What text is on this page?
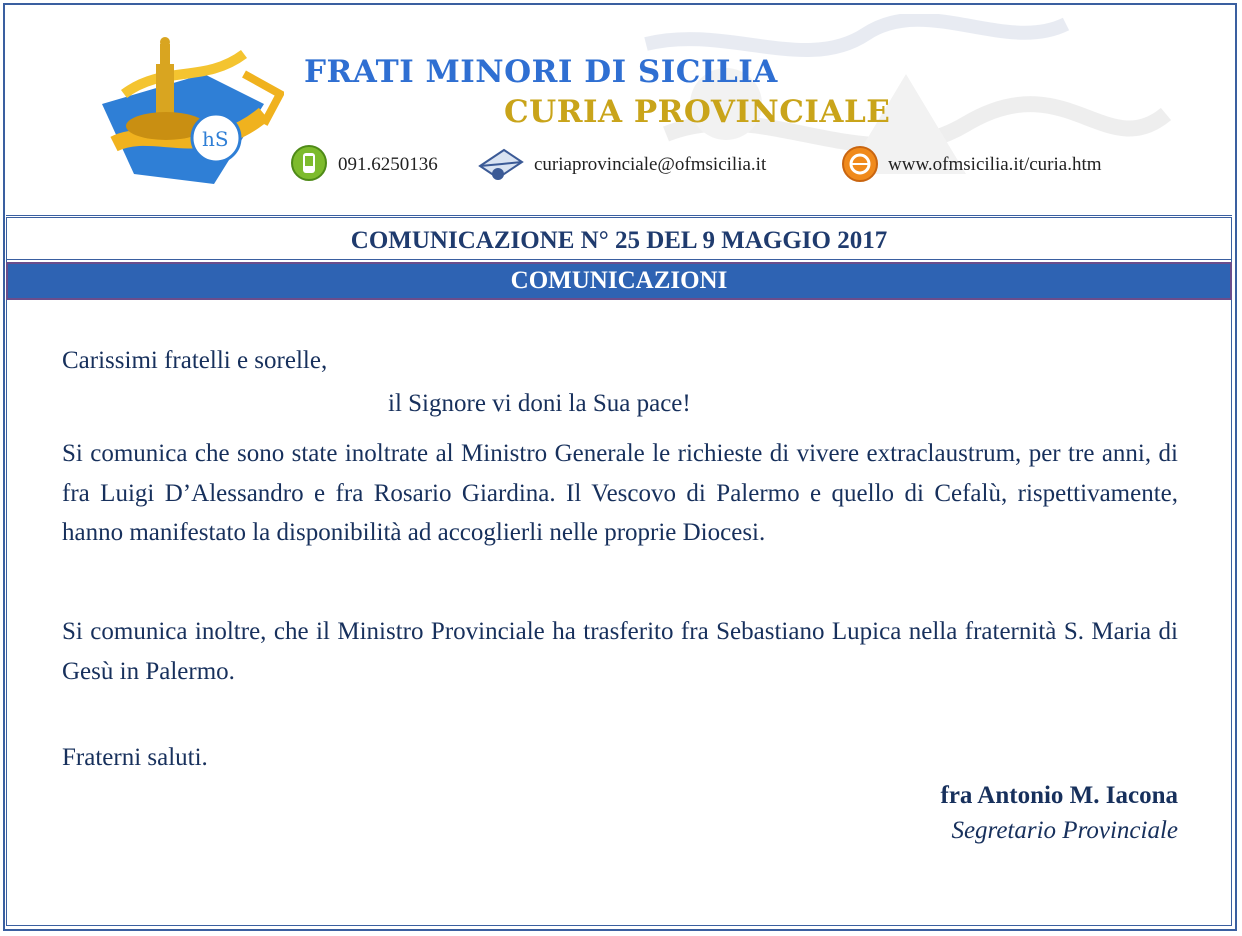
hS
FRATI MINORI DI SICILIA
CURIA PROVINCIALE
091.6250136	curiaprovinciale@ofmsicilia.it	www.ofmsicilia.it/curia.htm
COMUNICAZIONE N° 25 DEL 9 MAGGIO 2017
COMUNICAZIONI
Carissimi fratelli e sorelle,
il Signore vi doni la Sua pace!
Si comunica che sono state inoltrate al Ministro Generale le richieste di vivere extraclaustrum, per tre anni, di fra Luigi D’Alessandro e fra Rosario Giardina. Il Vescovo di Palermo e quello di Cefalù, rispettivamente, hanno manifestato la disponibilità ad accoglierli nelle proprie Diocesi.
Si comunica inoltre, che il Ministro Provinciale ha trasferito fra Sebastiano Lupica nella fraternità S. Maria di Gesù in Palermo.
Fraterni saluti.
fra Antonio M. Iacona
Segretario Provinciale
